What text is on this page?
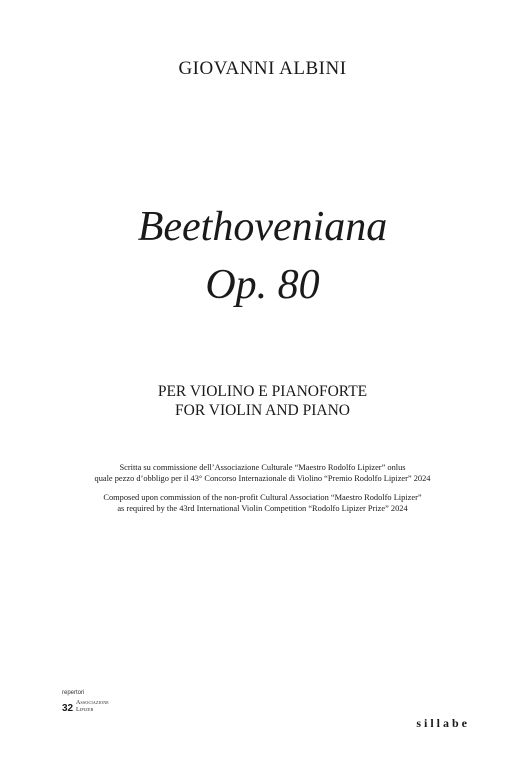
GIOVANNI ALBINI
Beethoveniana
Op. 80
PER VIOLINO E PIANOFORTE
FOR VIOLIN AND PIANO
Scritta su commissione dell’Associazione Culturale “Maestro Rodolfo Lipizer” onlus
quale pezzo d’obbligo per il 43° Concorso Internazionale di Violino “Premio Rodolfo Lipizer” 2024
Composed upon commission of the non-profit Cultural Association “Maestro Rodolfo Lipizer”
as required by the 43rd International Violin Competition “Rodolfo Lipizer Prize” 2024
repertori
32 Associazione
Lipizer
sillabe
